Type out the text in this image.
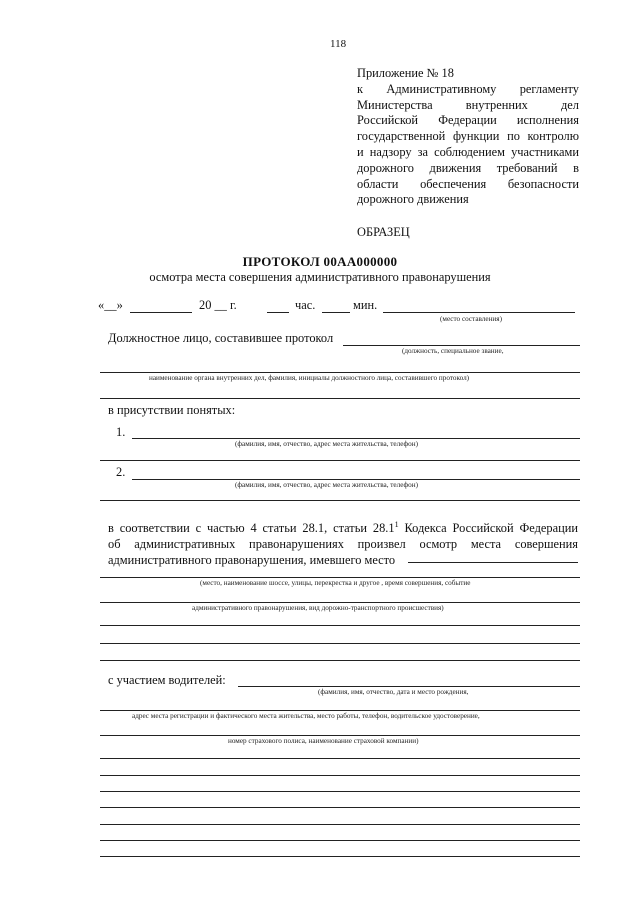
118
Приложение № 18
к Административному регламенту
Министерства внутренних дел
Российской Федерации исполнения
государственной функции по контролю
и надзору за соблюдением участниками
дорожного движения требований в
области обеспечения безопасности
дорожного движения
ОБРАЗЕЦ
ПРОТОКОЛ 00АА000000
осмотра места совершения административного правонарушения
«__»	20 __ г.	час.	мин.
(место составления)
Должностное лицо, составившее протокол
(должность, специальное звание,
наименование органа внутренних дел, фамилия, инициалы должностного лица, составившего протокол)
в присутствии понятых:
1.
(фамилия, имя, отчество, адрес места жительства, телефон)
2.
(фамилия, имя, отчество, адрес места жительства, телефон)
в соответствии с частью 4 статьи 28.1, статьи 28.1$^1$ Кодекса Российской Федерации
об административных правонарушениях произвел осмотр места совершения
административного правонарушения, имевшего место
(место, наименование шоссе, улицы, перекрестка и другое , время совершения, событие
административного правонарушения, вид дорожно-транспортного происшествия)
с участием водителей:
(фамилия, имя, отчество, дата и место рождения,
адрес места регистрации и фактического места жительства, место работы, телефон, водительское удостоверение,
номер страхового полиса, наименование страховой компании)
